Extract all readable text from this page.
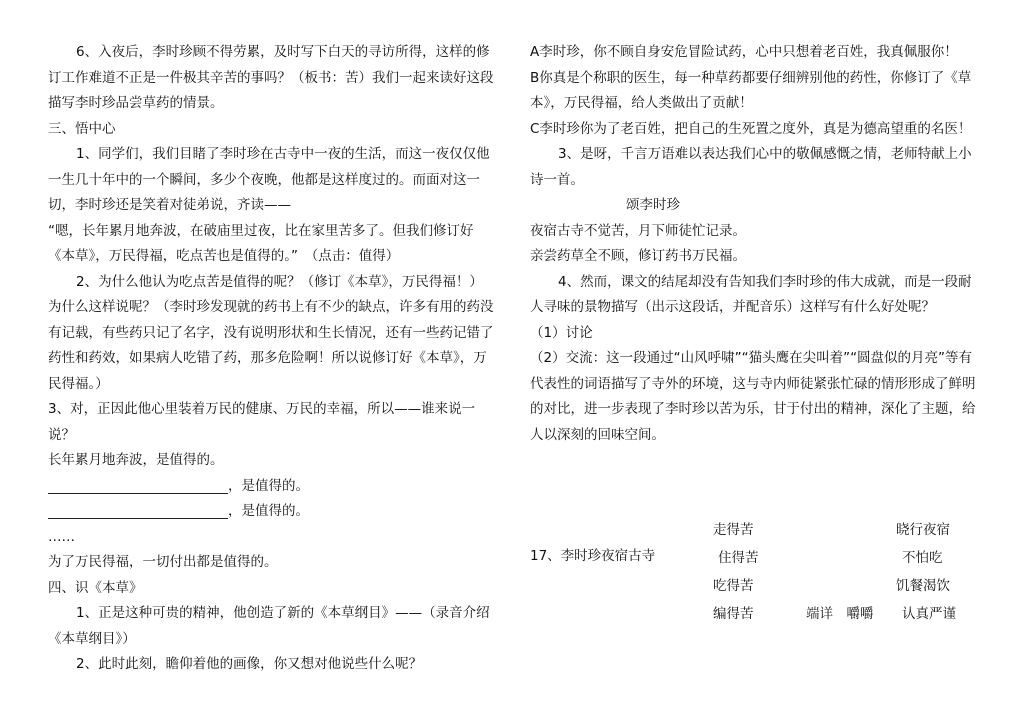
6、入夜后，李时珍顾不得劳累，及时写下白天的寻访所得，这样的修订工作难道不正是一件极其辛苦的事吗？（板书：苦）我们一起来读好这段描写李时珍品尝草药的情景。

三、悟中心

1、同学们，我们目睹了李时珍在古寺中一夜的生活，而这一夜仅仅他一生几十年中的一个瞬间，多少个夜晚，他都是这样度过的。而面对这一切，李时珍还是笑着对徒弟说，齐读——

“嗯，长年累月地奔波，在破庙里过夜，比在家里苦多了。但我们修订好《本草》，万民得福，吃点苦也是值得的。”　（点击：值得）

2、为什么他认为吃点苦是值得的呢？（修订《本草》，万民得福！）为什么这样说呢？（李时珍发现就的药书上有不少的缺点，许多有用的药没有记载，有些药只记了名字，没有说明形状和生长情况，还有一些药记错了药性和药效，如果病人吃错了药，那多危险啊！所以说修订好《本草》，万民得福。）

3、对，正因此他心里装着万民的健康、万民的幸福，所以——谁来说一说？

长年累月地奔波，是值得的。

，是值得的。

，是值得的。

……

为了万民得福，一切付出都是值得的。

四、识《本草》

1、正是这种可贵的精神，他创造了新的《本草纲目》——（录音介绍《本草纲目》）

2、此时此刻，瞻仰着他的画像，你又想对他说些什么呢？

A李时珍，你不顾自身安危冒险试药，心中只想着老百姓，我真佩服你！

B你真是个称职的医生，每一种草药都要仔细辨别他的药性，你修订了《草本》，万民得福，给人类做出了贡献！

C李时珍你为了老百姓，把自己的生死置之度外，真是为德高望重的名医！

3、是呀，千言万语难以表达我们心中的敬佩感慨之情，老师特献上小诗一首。

颂李时珍

夜宿古寺不觉苦，月下师徒忙记录。

亲尝药草全不顾，修订药书万民福。

4、然而，课文的结尾却没有告知我们李时珍的伟大成就，而是一段耐人寻味的景物描写（出示这段话，并配音乐）这样写有什么好处呢？

（1）讨论

（2）交流：这一段通过“山风呼啸”“猫头鹰在尖叫着”“圆盘似的月亮”等有代表性的词语描写了寺外的环境，这与寺内师徒紧张忙碌的情形形成了鲜明的对比，进一步表现了李时珍以苦为乐，甘于付出的精神，深化了主题，给人以深刻的回味空间。

17、李时珍夜宿古寺
走得苦
住得苦
吃得苦
编得苦	端详　嚼嚼
晓行夜宿
不怕吃
饥餐渴饮
认真严谨
